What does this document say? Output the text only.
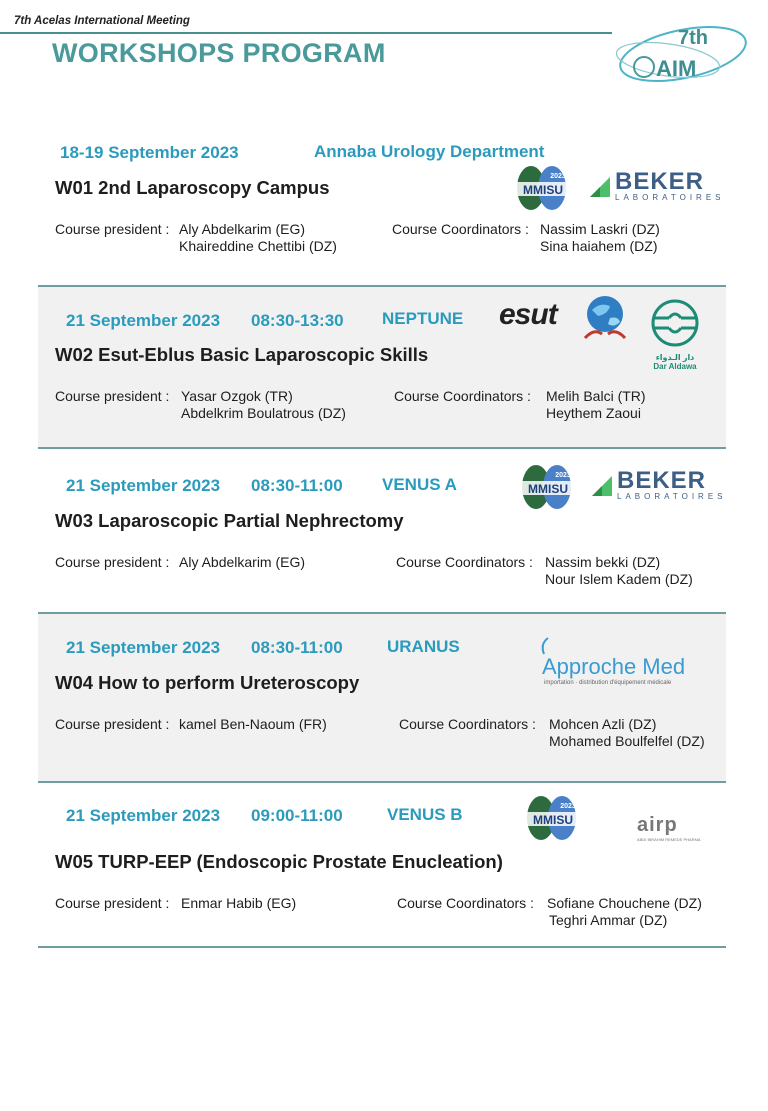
7th Acelas International Meeting
WORKSHOPS PROGRAM	7th
AIM
18-19 September 2023	Annaba Urology Department
W01 2nd Laparoscopy Campus	MMISU
2023 BEKER
LABORATOIRES
Course president : Aly Abdelkarim (EG)
Khaireddine Chettibi (DZ)
Course Coordinators : Nassim Laskri (DZ)
Sina haiahem (DZ)
21 September 2023 08:30-13:30 NEPTUNE
W02 Esut-Eblus Basic Laparoscopic Skills
esut
دار الـدواء
Dar Aldawa
Course president : Yasar Ozgok (TR)
Abdelkrim Boulatrous (DZ)
Course Coordinators : Melih Balci (TR)
Heythem Zaoui
21 September 2023 08:30-11:00 VENUS A
W03 Laparoscopic Partial Nephrectomy
MMISU
2023 BEKER
LABORATOIRES
Course president : Aly Abdelkarim (EG)	Course Coordinators : Nassim bekki (DZ)
Nour Islem Kadem (DZ)
21 September 2023 08:30-11:00	URANUS
W04 How to perform Ureteroscopy
Approche Med
importation · distribution d'équipement médicale
Course president : kamel Ben-Naoum (FR)	Course Coordinators : Mohcen Azli (DZ)
Mohamed Boulfelfel (DZ)
21 September 2023 09:00-11:00	VENUS B
W05 TURP-EEP (Endoscopic Prostate Enucleation)
MMISU
2023
airp
ABDI IBRAHIM REMEDE PHARMA
Course president : Enmar Habib (EG)	Course Coordinators : Sofiane Chouchene (DZ)
Teghri Ammar (DZ)
